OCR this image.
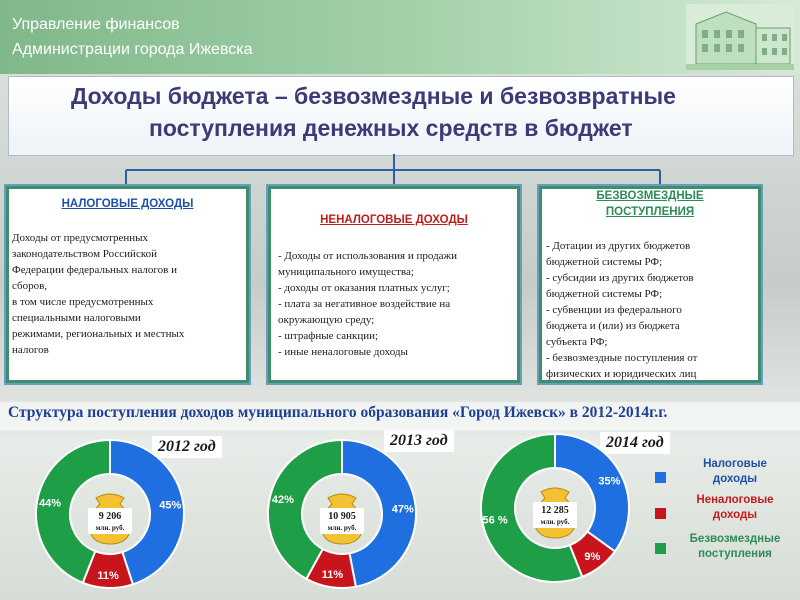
Управление финансов
Администрации города Ижевска
Доходы бюджета – безвозмездные и безвозвратные
поступления денежных средств в бюджет
НАЛОГОВЫЕ ДОХОДЫ
Доходы от предусмотренных
законодательством Российской
Федерации федеральных налогов и
сборов,
в том числе предусмотренных
специальными налоговыми
режимами, региональных и местных
налогов
НЕНАЛОГОВЫЕ ДОХОДЫ
- Доходы от использования и продажи
муниципального имущества;
- доходы от оказания платных услуг;
- плата за негативное воздействие на
окружающую среду;
- штрафные санкции;
- иные неналоговые доходы
БЕЗВОЗМЕЗДНЫЕ
ПОСТУПЛЕНИЯ
- Дотации из других бюджетов
бюджетной системы РФ;
- субсидии из других бюджетов
бюджетной системы РФ;
- субвенции из федерального
бюджета и (или) из бюджета
субъекта РФ;
- безвозмездные поступления от
физических и юридических лиц
Структура поступления доходов муниципального образования «Город Ижевск» в 2012-2014г.г.
2012 год	2013 год	2014 год
45%
11%
44%
9 206
млн. руб.
47%
11%
42%
10 905
млн. руб.
35%
9%
56 %
12 285
млн. руб.
Налоговые
доходы
Неналоговые
доходы
Безвозмездные
поступления
